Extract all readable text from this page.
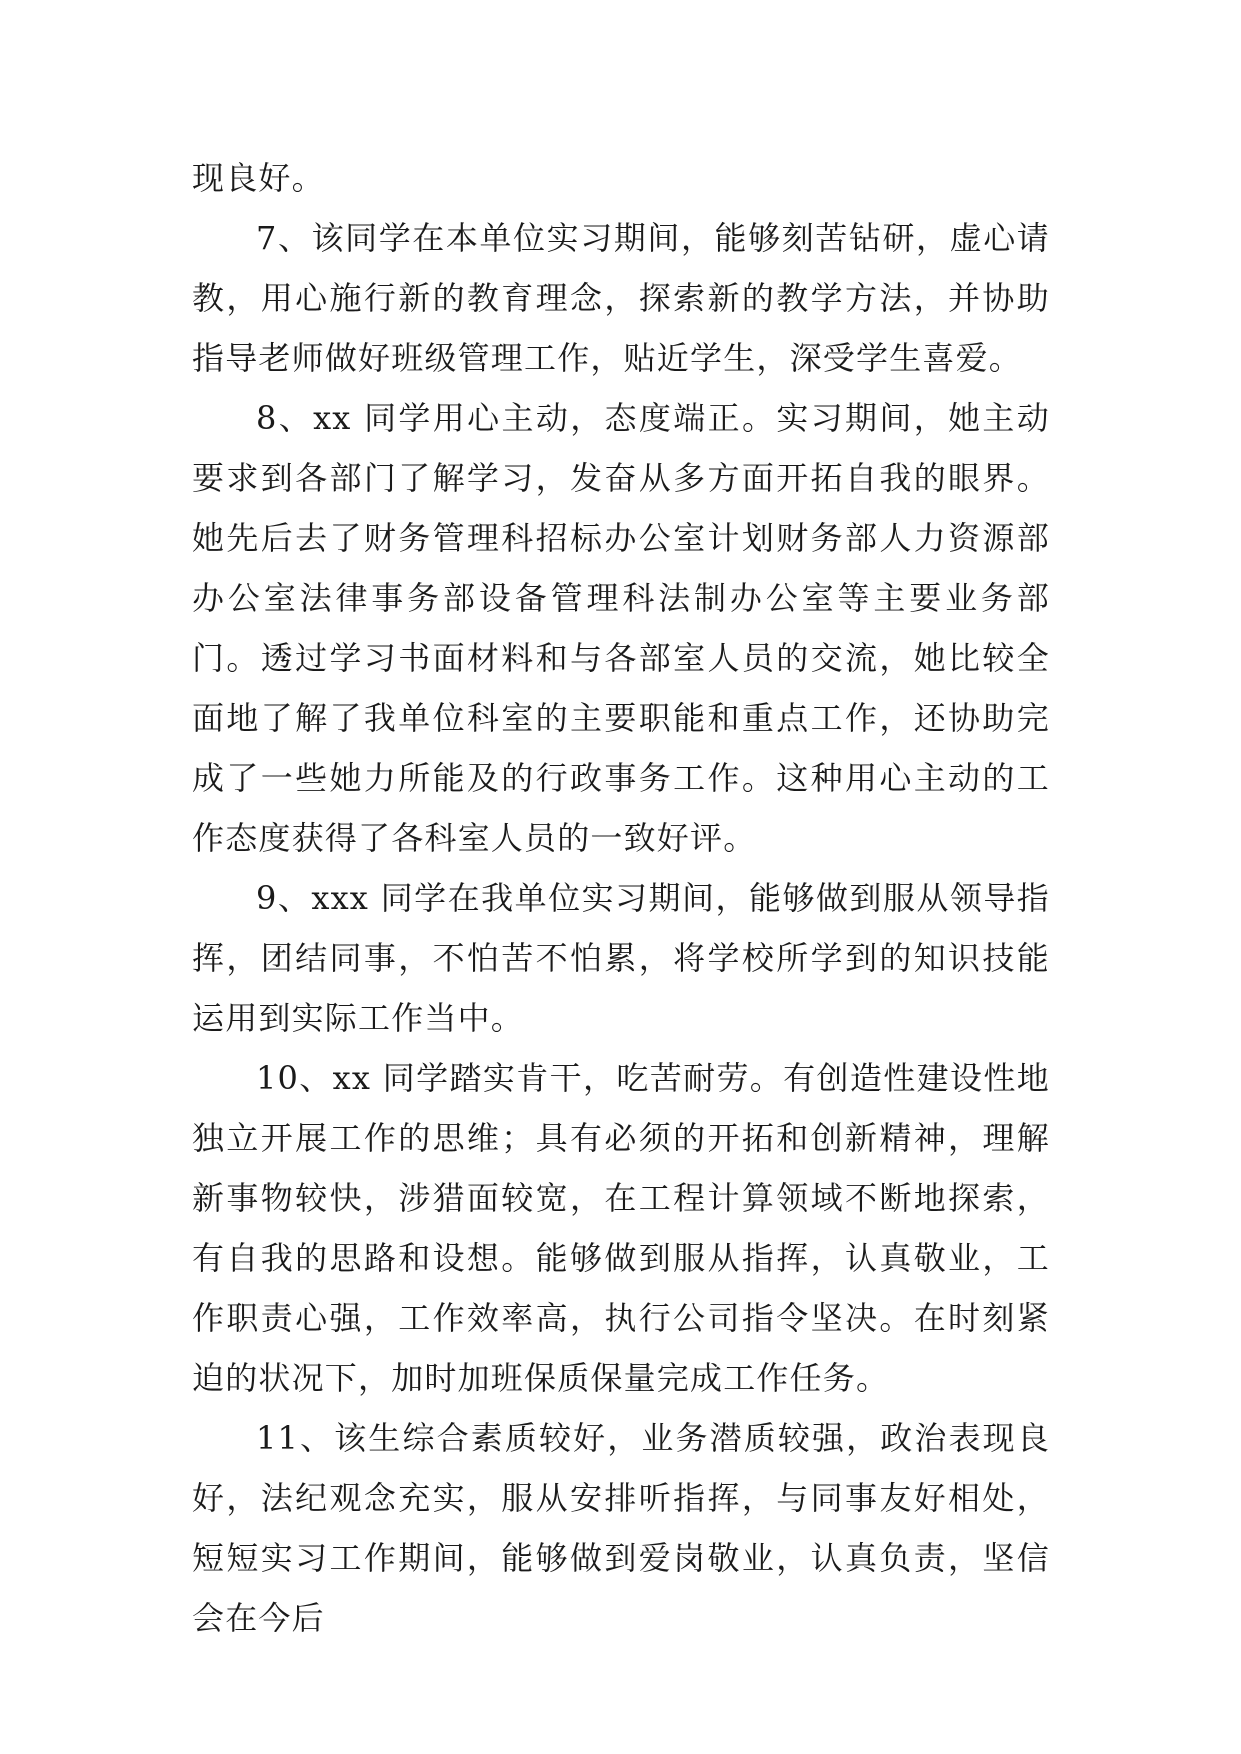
现良好。

7、该同学在本单位实习期间，能够刻苦钻研，虚心请教，用心施行新的教育理念，探索新的教学方法，并协助指导老师做好班级管理工作，贴近学生，深受学生喜爱。

8、xx 同学用心主动，态度端正。实习期间，她主动要求到各部门了解学习，发奋从多方面开拓自我的眼界。她先后去了财务管理科招标办公室计划财务部人力资源部办公室法律事务部设备管理科法制办公室等主要业务部门。透过学习书面材料和与各部室人员的交流，她比较全面地了解了我单位科室的主要职能和重点工作，还协助完成了一些她力所能及的行政事务工作。这种用心主动的工作态度获得了各科室人员的一致好评。

9、xxx 同学在我单位实习期间，能够做到服从领导指挥，团结同事，不怕苦不怕累，将学校所学到的知识技能运用到实际工作当中。

10、xx 同学踏实肯干，吃苦耐劳。有创造性建设性地独立开展工作的思维；具有必须的开拓和创新精神，理解新事物较快，涉猎面较宽，在工程计算领域不断地探索，有自我的思路和设想。能够做到服从指挥，认真敬业，工作职责心强，工作效率高，执行公司指令坚决。在时刻紧迫的状况下，加时加班保质保量完成工作任务。

11、该生综合素质较好，业务潜质较强，政治表现良好，法纪观念充实，服从安排听指挥，与同事友好相处，短短实习工作期间，能够做到爱岗敬业，认真负责，坚信会在今后
